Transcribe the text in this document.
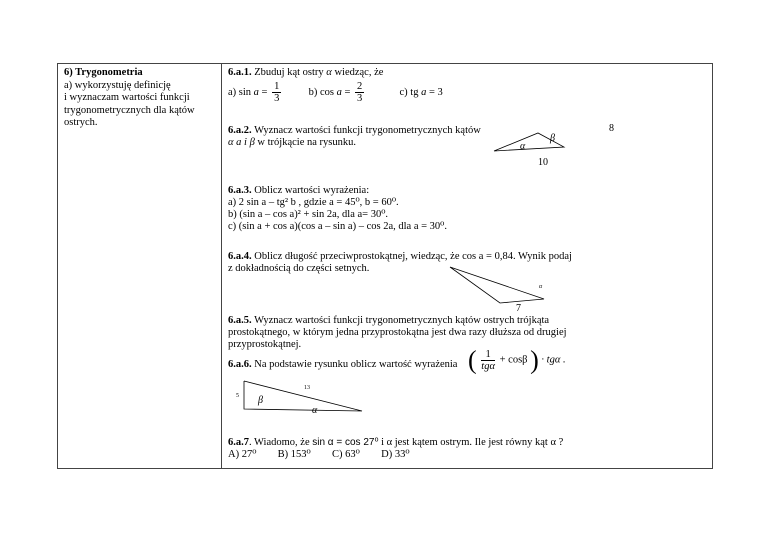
6) Trygonometria
a) wykorzystuję definicję
i wyznaczam wartości funkcji
trygonometrycznych dla kątów
ostrych.
6.a.1. Zbuduj kąt ostry α wiedząc, że
a) $\sin a = \frac{1}{3}$	b) $\cos a = \frac{2}{3}$	c) tg a = 3
6.a.2. Wyznacz wartości funkcji trygonometrycznych kątów
α a i β w trójkącie na rysunku.	α
β
8
10
6.a.3. Oblicz wartości wyrażenia:
a) 2 sin a – tg² b , gdzie a = 45⁰, b = 60⁰.
b) (sin a – cos a)² + sin 2a, dla a= 30⁰.
c) (sin a + cos a)(cos a – sin a) – cos 2a, dla a = 30⁰.
6.a.4. Oblicz długość przeciwprostokątnej, wiedząc, że cos a = 0,84. Wynik podaj
z dokładnością do części setnych.
α
7
6.a.5. Wyznacz wartości funkcji trygonometrycznych kątów ostrych trójkąta
prostokątnego, w którym jedna przyprostokątna jest dwa razy dłuższa od drugiej
przyprostokątnej.
6.a.6. Na podstawie rysunku oblicz wartość wyrażenia ( $\frac{1}{\text{tgα}} + \cos\beta$ ) · tgα .
β
α
13
5
6.a.7. Wiadomo, że sin α = cos 27⁰ i α jest kątem ostrym. Ile jest równy kąt α ?
A) 27⁰ B) 153⁰ C) 63⁰ D) 33⁰
